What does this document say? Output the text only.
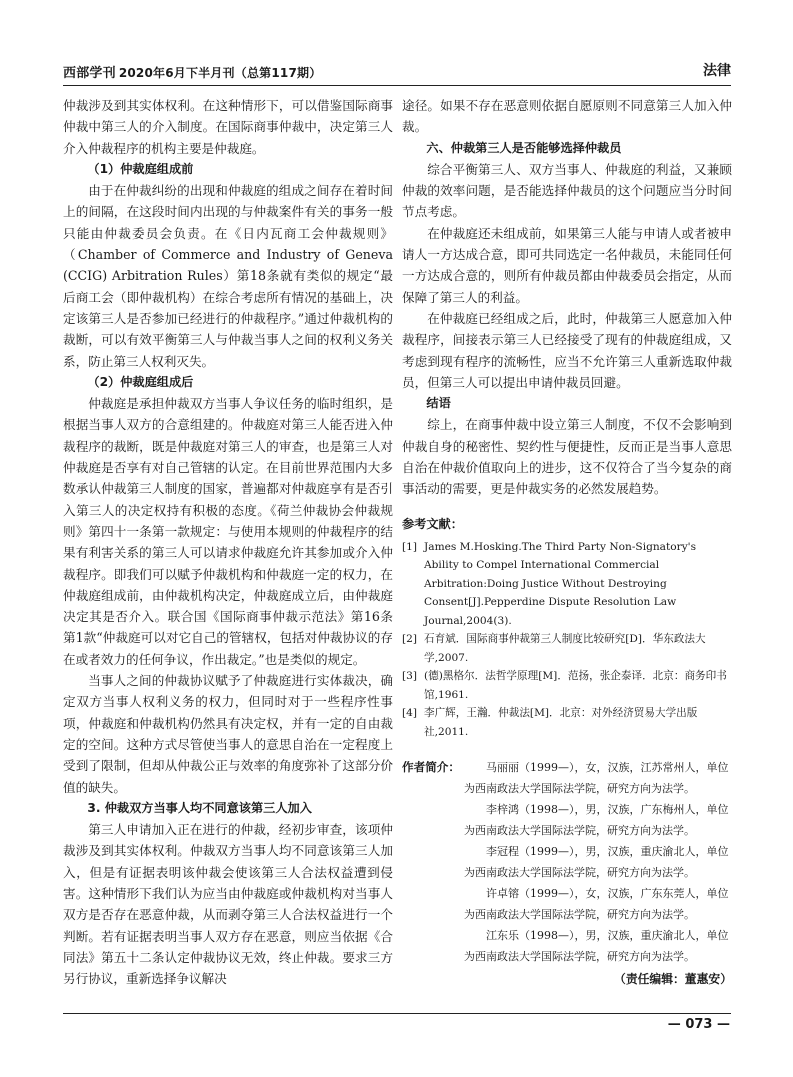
西部学刊 2020年6月下半月刊（总第117期）	法律

仲裁涉及到其实体权利。在这种情形下，可以借鉴国际商事仲裁中第三人的介入制度。在国际商事仲裁中，决定第三人介入仲裁程序的机构主要是仲裁庭。

（1）仲裁庭组成前

由于在仲裁纠纷的出现和仲裁庭的组成之间存在着时间上的间隔，在这段时间内出现的与仲裁案件有关的事务一般只能由仲裁委员会负责。在《日内瓦商工会仲裁规则》（Chamber of Commerce and Industry of Geneva (CCIG) Arbitration Rules）第18条就有类似的规定“最后商工会（即仲裁机构）在综合考虑所有情况的基础上，决定该第三人是否参加已经进行的仲裁程序。”通过仲裁机构的裁断，可以有效平衡第三人与仲裁当事人之间的权利义务关系，防止第三人权利灭失。

（2）仲裁庭组成后

仲裁庭是承担仲裁双方当事人争议任务的临时组织，是根据当事人双方的合意组建的。仲裁庭对第三人能否进入仲裁程序的裁断，既是仲裁庭对第三人的审查，也是第三人对仲裁庭是否享有对自己管辖的认定。在目前世界范围内大多数承认仲裁第三人制度的国家，普遍都对仲裁庭享有是否引入第三人的决定权持有积极的态度。《荷兰仲裁协会仲裁规则》第四十一条第一款规定：与使用本规则的仲裁程序的结果有利害关系的第三人可以请求仲裁庭允许其参加或介入仲裁程序。即我们可以赋予仲裁机构和仲裁庭一定的权力，在仲裁庭组成前，由仲裁机构决定，仲裁庭成立后，由仲裁庭决定其是否介入。联合国《国际商事仲裁示范法》第16条第1款“仲裁庭可以对它自己的管辖权，包括对仲裁协议的存在或者效力的任何争议，作出裁定。”也是类似的规定。

当事人之间的仲裁协议赋予了仲裁庭进行实体裁决，确定双方当事人权利义务的权力，但同时对于一些程序性事项，仲裁庭和仲裁机构仍然具有决定权，并有一定的自由裁定的空间。这种方式尽管使当事人的意思自治在一定程度上受到了限制，但却从仲裁公正与效率的角度弥补了这部分价值的缺失。

3. 仲裁双方当事人均不同意该第三人加入

第三人申请加入正在进行的仲裁，经初步审查，该项仲裁涉及到其实体权利。仲裁双方当事人均不同意该第三人加入，但是有证据表明该仲裁会使该第三人合法权益遭到侵害。这种情形下我们认为应当由仲裁庭或仲裁机构对当事人双方是否存在恶意仲裁，从而剥夺第三人合法权益进行一个判断。若有证据表明当事人双方存在恶意，则应当依据《合同法》第五十二条认定仲裁协议无效，终止仲裁。要求三方另行协议，重新选择争议解决

途径。如果不存在恶意则依据自愿原则不同意第三人加入仲裁。

六、仲裁第三人是否能够选择仲裁员

综合平衡第三人、双方当事人、仲裁庭的利益，又兼顾仲裁的效率问题，是否能选择仲裁员的这个问题应当分时间节点考虑。

在仲裁庭还未组成前，如果第三人能与申请人或者被申请人一方达成合意，即可共同选定一名仲裁员，未能同任何一方达成合意的，则所有仲裁员都由仲裁委员会指定，从而保障了第三人的利益。

在仲裁庭已经组成之后，此时，仲裁第三人愿意加入仲裁程序，间接表示第三人已经接受了现有的仲裁庭组成，又考虑到现有程序的流畅性，应当不允许第三人重新选取仲裁员，但第三人可以提出申请仲裁员回避。

结语

综上，在商事仲裁中设立第三人制度，不仅不会影响到仲裁自身的秘密性、契约性与便捷性，反而正是当事人意思自治在仲裁价值取向上的进步，这不仅符合了当今复杂的商事活动的需要，更是仲裁实务的必然发展趋势。

参考文献：
[1] James M.Hosking.The Third Party Non-Signatory's Ability to Compel International Commercial Arbitration:Doing Justice Without Destroying Consent[J].Pepperdine Dispute Resolution Law Journal,2004(3).
[2] 石育斌．国际商事仲裁第三人制度比较研究[D]．华东政法大学,2007.
[3] (德)黑格尔．法哲学原理[M]．范扬，张企泰译．北京：商务印书馆,1961.
[4] 李广辉，王瀚．仲裁法[M]．北京：对外经济贸易大学出版社,2011.
作者简介：	马丽丽（1999—），女，汉族，江苏常州人，单位为西南政法大学国际法学院，研究方向为法学。

李梓鸿（1998—），男，汉族，广东梅州人，单位为西南政法大学国际法学院，研究方向为法学。

李冠程（1999—），男，汉族，重庆渝北人，单位为西南政法大学国际法学院，研究方向为法学。

许卓镕（1999—），女，汉族，广东东莞人，单位为西南政法大学国际法学院，研究方向为法学。

江东乐（1998—），男，汉族，重庆渝北人，单位为西南政法大学国际法学院，研究方向为法学。

（责任编辑：董惠安）
— 073 —
